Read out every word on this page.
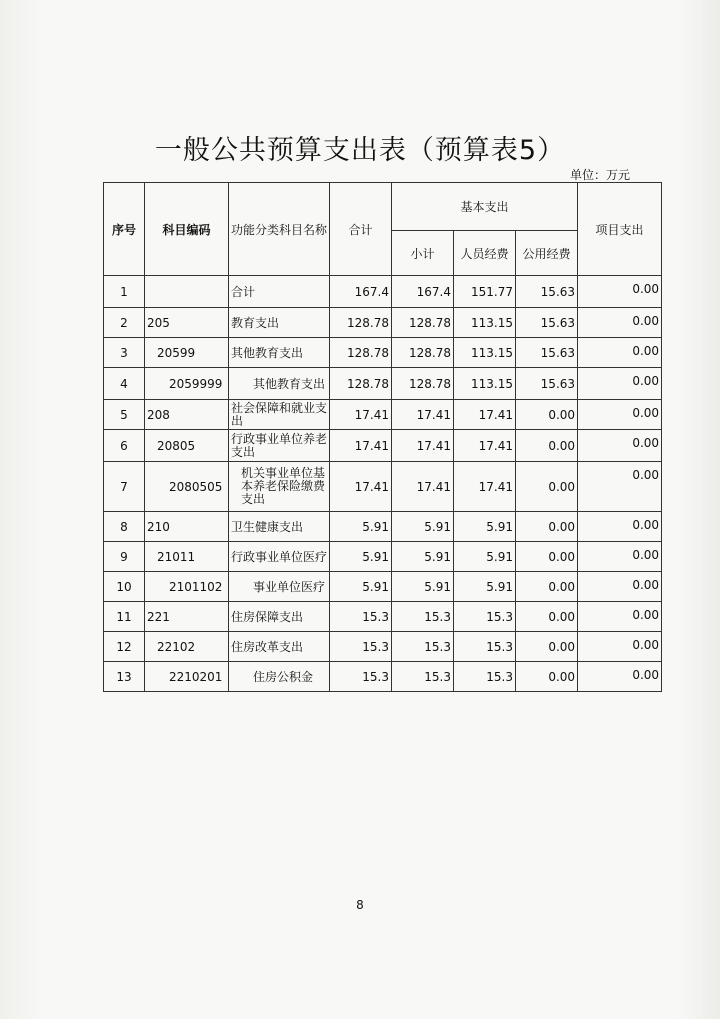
一般公共预算支出表（预算表5）
单位：万元
序号	科目编码	功能分类科目名称	合计	基本支出			项目支出
				小计	人员经费	公用经费	
1		合计	167.4	167.4	151.77	15.63	0.00
2	205	教育支出	128.78	128.78	113.15	15.63	0.00
3	20599	其他教育支出	128.78	128.78	113.15	15.63	0.00
4	2059999	其他教育支出	128.78	128.78	113.15	15.63	0.00
5	208	社会保障和就业支出	17.41	17.41	17.41	0.00	0.00
6	20805	行政事业单位养老支出	17.41	17.41	17.41	0.00	0.00
7	2080505	机关事业单位基本养老保险缴费支出	17.41	17.41	17.41	0.00	0.00
8	210	卫生健康支出	5.91	5.91	5.91	0.00	0.00
9	21011	行政事业单位医疗	5.91	5.91	5.91	0.00	0.00
10	2101102	事业单位医疗	5.91	5.91	5.91	0.00	0.00
11	221	住房保障支出	15.3	15.3	15.3	0.00	0.00
12	22102	住房改革支出	15.3	15.3	15.3	0.00	0.00
13	2210201	住房公积金	15.3	15.3	15.3	0.00	0.00
8
